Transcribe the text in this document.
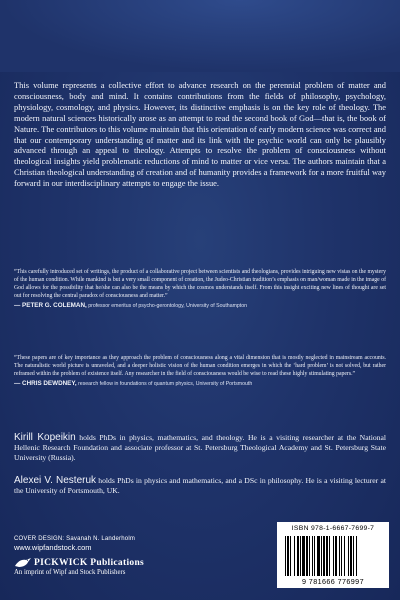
This volume represents a collective effort to advance research on the perennial problem of matter and consciousness, body and mind. It contains contributions from the fields of philosophy, psychology, physiology, cosmology, and physics. However, its distinctive emphasis is on the key role of theology. The modern natural sciences historically arose as an attempt to read the second book of God—that is, the book of Nature. The contributors to this volume maintain that this orientation of early modern science was correct and that our contemporary understanding of matter and its link with the psychic world can only be plausibly advanced through an appeal to theology. Attempts to resolve the problem of consciousness without theological insights yield problematic reductions of mind to matter or vice versa. The authors maintain that a Christian theological understanding of creation and of humanity provides a framework for a more fruitful way forward in our interdisciplinary attempts to engage the issue.
“This carefully introduced set of writings, the product of a collaborative project between scientists and theologians, provides intriguing new vistas on the mystery of the human condition. While mankind is but a very small component of creation, the Judeo-Christian tradition’s emphasis on man/woman made in the image of God allows for the possibility that he/she can also be the means by which the cosmos understands itself. From this insight exciting new lines of thought are set out for resolving the central paradox of consciousness and matter.”
— PETER G. COLEMAN, professor emeritus of psycho-gerontology, University of Southampton
“These papers are of key importance as they approach the problem of consciousness along a vital dimension that is mostly neglected in mainstream accounts. The naturalistic world picture is unraveled, and a deeper holistic vision of the human condition emerges in which the ‘hard problem’ is not solved, but rather reframed within the problem of existence itself. Any researcher in the field of consciousness would be wise to read these highly stimulating papers.”
— CHRIS DEWDNEY, research fellow in foundations of quantum physics, University of Portsmouth
Kirill Kopeikin holds PhDs in physics, mathematics, and theology. He is a visiting researcher at the National Hellenic Research Foundation and associate professor at St. Petersburg Theological Academy and St. Petersburg State University (Russia).
Alexei V. Nesteruk holds PhDs in physics and mathematics, and a DSc in philosophy. He is a visiting lecturer at the University of Portsmouth, UK.
COVER DESIGN: Savanah N. Landerholm
www.wipfandstock.com
PICKWICK Publications
An imprint of Wipf and Stock Publishers
ISBN 978-1-6667-7699-7
9 781666 776997
